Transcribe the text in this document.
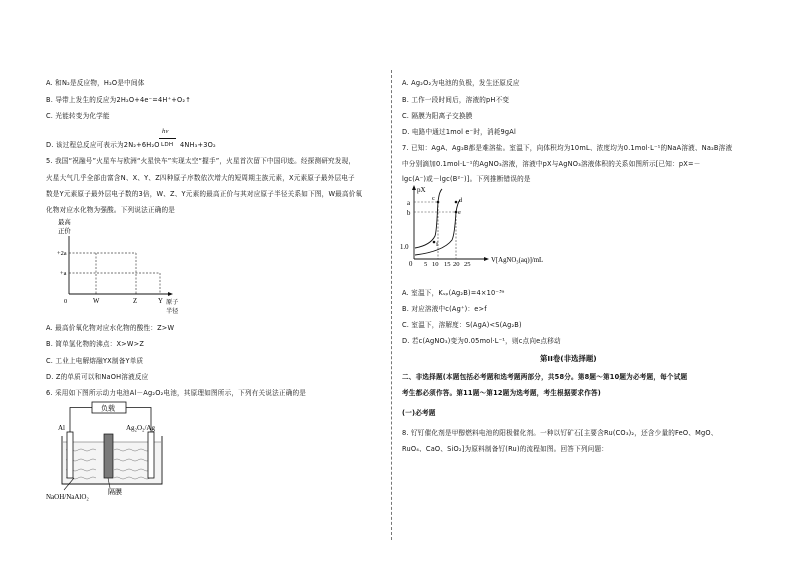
A. 和N₂是反应物，H₂O是中间体
B. 导带上发生的反应为2H₂O+4e⁻=4H⁺+O₂↑
C. 光能转变为化学能
D. 该过程总反应可表示为2N₂+6H₂O
hν
LDH 4NH₃+3O₂
5. 我国“祝融号”火星车与欧洲“火星快车”实现太空“握手”，火星首次留下中国印迹。经探测研究发现，
火星大气几乎全部由富含N、X、Y、Z四种原子序数依次增大的短周期主族元素，X元素原子最外层电子
数是Y元素原子最外层电子数的3倍，W、Z、Y元素的最高正价与其对应原子半径关系如下图，W最高价氧
化物对应水化物为强酸。下列说法正确的是
最高
正价
+2a
+a
0	W	Z	Y 原子
半径
A. 最高价氧化物对应水化物的酸性：Z>W
B. 简单氢化物的沸点：X>W>Z
C. 工业上电解熔融YX制备Y单质
D. Z的单质可以和NaOH溶液反应
6. 采用如下图所示动力电池Al－Ag₂O₂电池，其原理如图所示，下列有关说法正确的是
负载
Al	Ag₂O₂/Ag
隔膜
NaOH/NaAlO₂
A. Ag₂O₂为电池的负极，发生还原反应
B. 工作一段时间后，溶液的pH不变
C. 隔膜为阳离子交换膜
D. 电路中通过1mol e⁻时，消耗9gAl
7. 已知：AgA、Ag₂B都是难溶盐。室温下，向体积均为10mL、浓度均为0.1mol·L⁻¹的NaA溶液、Na₂B溶液
中分别滴加0.1mol·L⁻¹的AgNO₃溶液，溶液中pX与AgNO₃溶液体积的关系如图所示[已知：pX=－
lgc(A⁻)或－lgc(B²⁻)]。下列推断错误的是
pX
a
b
1.0
0
c	d
e
f
5 10 15 20 25
V[AgNO₃(aq)]/mL
A. 室温下，Kₛₚ(Ag₂B)=4×10⁻³ᵃ
B. 对应溶液中c(Ag⁺)：e>f
C. 室温下，溶解度：S(AgA)<S(Ag₂B)
D. 若c(AgNO₃)变为0.05mol·L⁻¹，则c点向e点移动
第II卷(非选择题)
二、非选择题(本题包括必考题和选考题两部分，共58分。第8题～第10题为必考题，每个试题
考生都必须作答。第11题～第12题为选考题，考生根据要求作答)
(一)必考题
8. 钌钉催化剂是甲醇燃料电池的阳极催化剂。一种以钌矿石[主要含Ru(CO₃)₂，还含少量的FeO、MgO、
RuO₄、CaO、SiO₂]为原料制备钌(Ru)的流程如图。回答下列问题：
